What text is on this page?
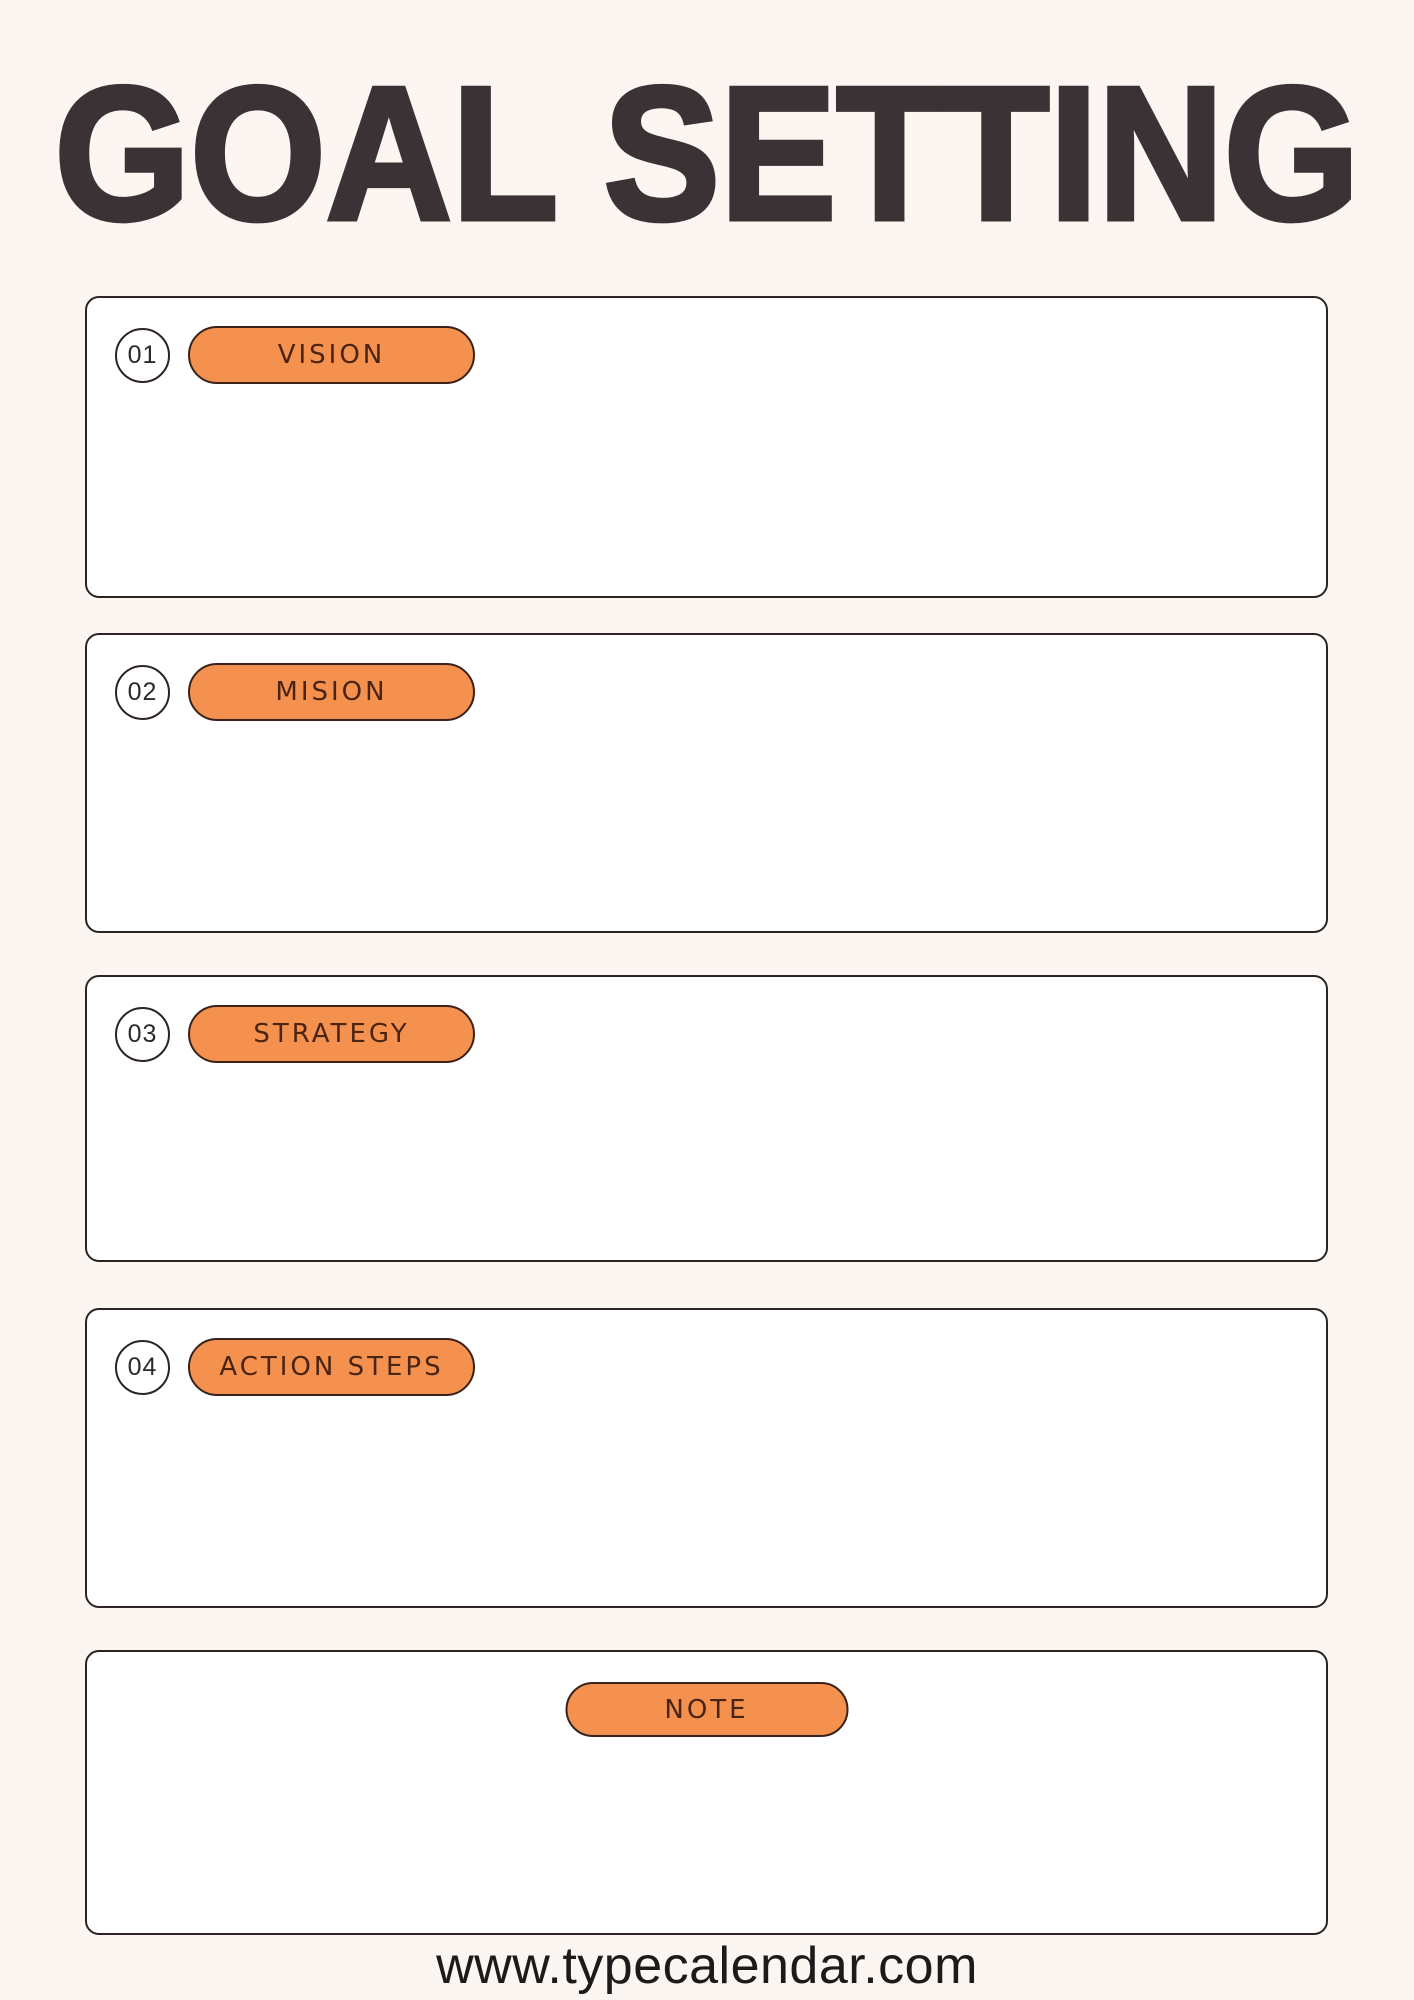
GOAL SETTING
01	VISION
02	MISION
03	STRATEGY
04	ACTION STEPS
NOTE
www.typecalendar.com
